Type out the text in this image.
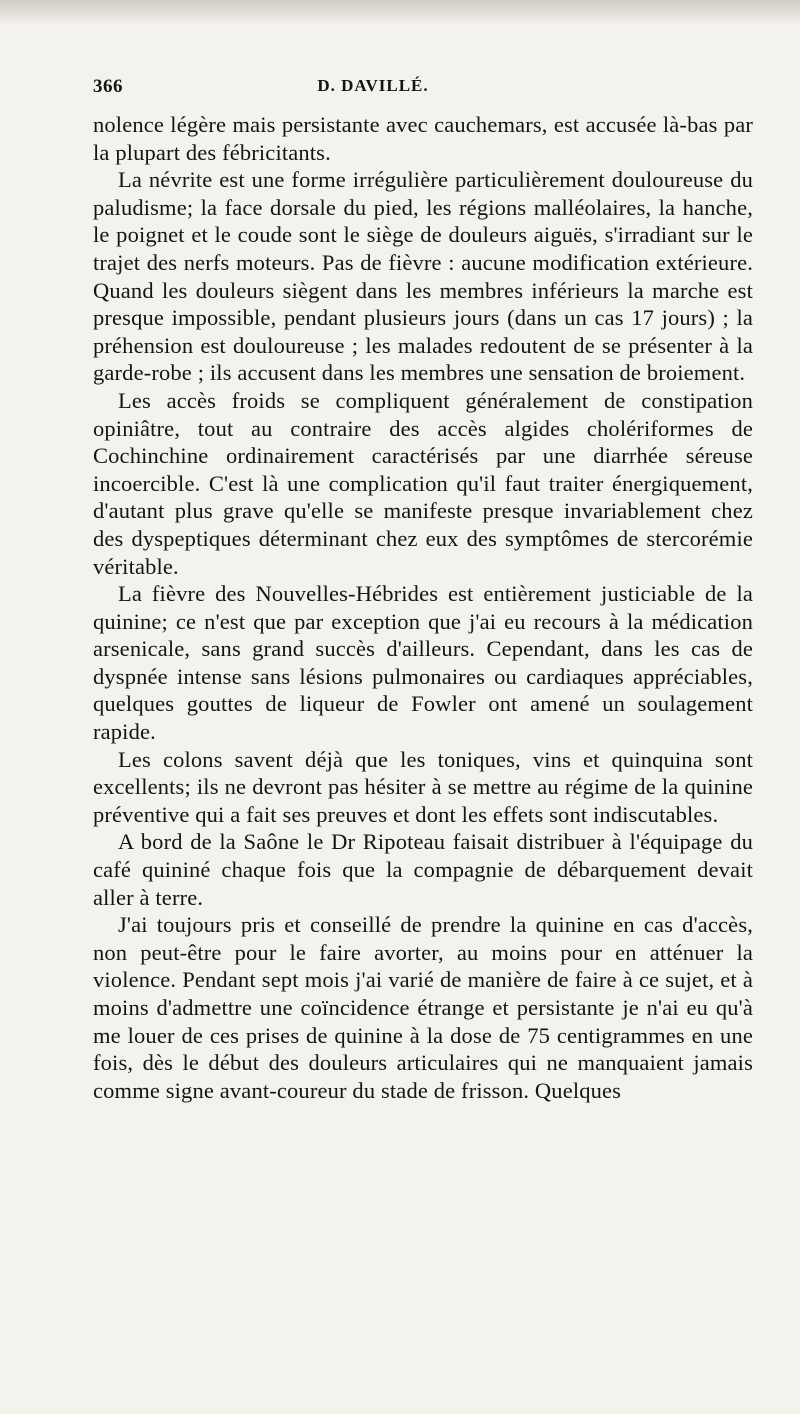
366	D. DAVILLÉ.

nolence légère mais persistante avec cauchemars, est accusée là-bas par la plupart des fébricitants.

La névrite est une forme irrégulière particulièrement douloureuse du paludisme; la face dorsale du pied, les régions malléolaires, la hanche, le poignet et le coude sont le siège de douleurs aiguës, s'irradiant sur le trajet des nerfs moteurs. Pas de fièvre : aucune modification extérieure. Quand les douleurs siègent dans les membres inférieurs la marche est presque impossible, pendant plusieurs jours (dans un cas 17 jours) ; la préhension est douloureuse ; les malades redoutent de se présenter à la garde-robe ; ils accusent dans les membres une sensation de broiement.

Les accès froids se compliquent généralement de constipation opiniâtre, tout au contraire des accès algides cholériformes de Cochinchine ordinairement caractérisés par une diarrhée séreuse incoercible. C'est là une complication qu'il faut traiter énergiquement, d'autant plus grave qu'elle se manifeste presque invariablement chez des dyspeptiques déterminant chez eux des symptômes de stercorémie véritable.

La fièvre des Nouvelles-Hébrides est entièrement justiciable de la quinine; ce n'est que par exception que j'ai eu recours à la médication arsenicale, sans grand succès d'ailleurs. Cependant, dans les cas de dyspnée intense sans lésions pulmonaires ou cardiaques appréciables, quelques gouttes de liqueur de Fowler ont amené un soulagement rapide.

Les colons savent déjà que les toniques, vins et quinquina sont excellents; ils ne devront pas hésiter à se mettre au régime de la quinine préventive qui a fait ses preuves et dont les effets sont indiscutables.

A bord de la Saône le Dr Ripoteau faisait distribuer à l'équipage du café quininé chaque fois que la compagnie de débarquement devait aller à terre.

J'ai toujours pris et conseillé de prendre la quinine en cas d'accès, non peut-être pour le faire avorter, au moins pour en atténuer la violence. Pendant sept mois j'ai varié de manière de faire à ce sujet, et à moins d'admettre une coïncidence étrange et persistante je n'ai eu qu'à me louer de ces prises de quinine à la dose de 75 centigrammes en une fois, dès le début des douleurs articulaires qui ne manquaient jamais comme signe avant-coureur du stade de frisson. Quelques
